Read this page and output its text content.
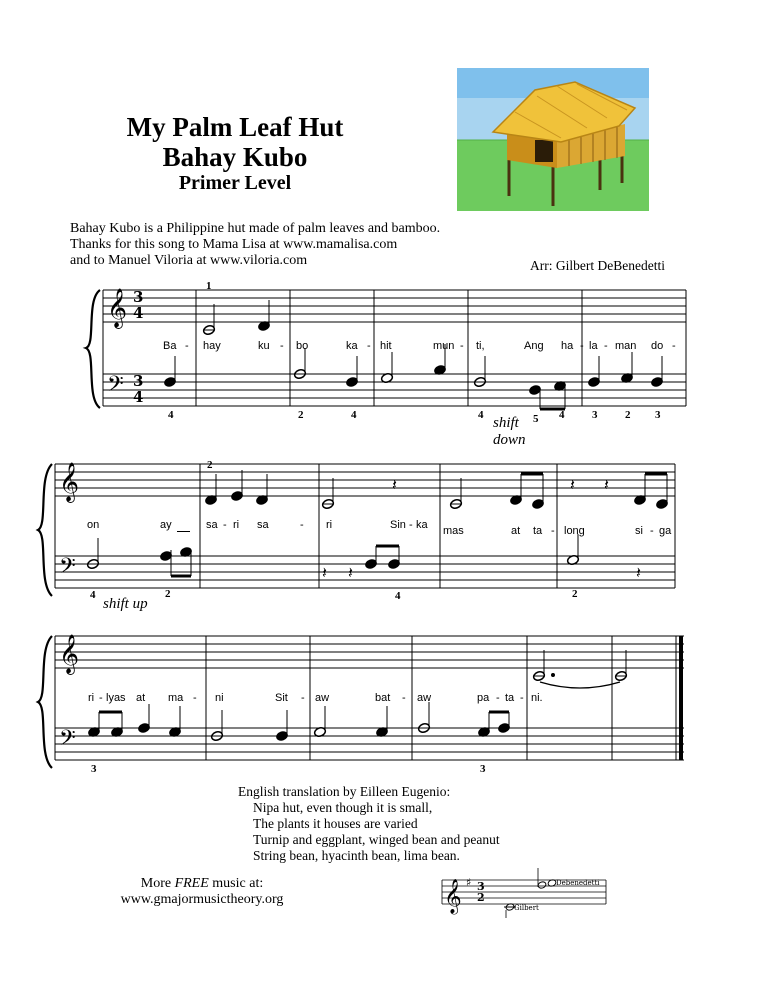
My Palm Leaf Hut
Bahay Kubo
Primer Level
Bahay Kubo is a Philippine hut made of palm leaves and bamboo.
Thanks for this song to Mama Lisa at www.mamalisa.com
and to Manuel Viloria at www.viloria.com	Arr: Gilbert DeBenedetti
𝄞
𝄢
3
4
3
4
𝄞
𝄢
𝄽	𝄽 𝄽
𝄽 𝄽	𝄽
𝄞
𝄢
Ba - hay	ku - bo	ka - hit	mun - ti,	Ang ha - la - man do -
1
4	2	4	4	5 4	3	2 3
shift
down
on	ay	sa - ri sa	- ri	Sin - ka mas	at ta - long	si - ga
2
4	2	4	2
shift up
ri - lyas at ma - ni	Sit - aw	bat - aw	pa - ta - ni.
3	3
English translation by Eilleen Eugenio:
Nipa hut, even though it is small,
The plants it houses are varied
Turnip and eggplant, winged bean and peanut
String bean, hyacinth bean, lima bean.
More FREE music at:
www.gmajormusictheory.org	𝄞 ♯ 3
2
Gilbert
Debenedetti
